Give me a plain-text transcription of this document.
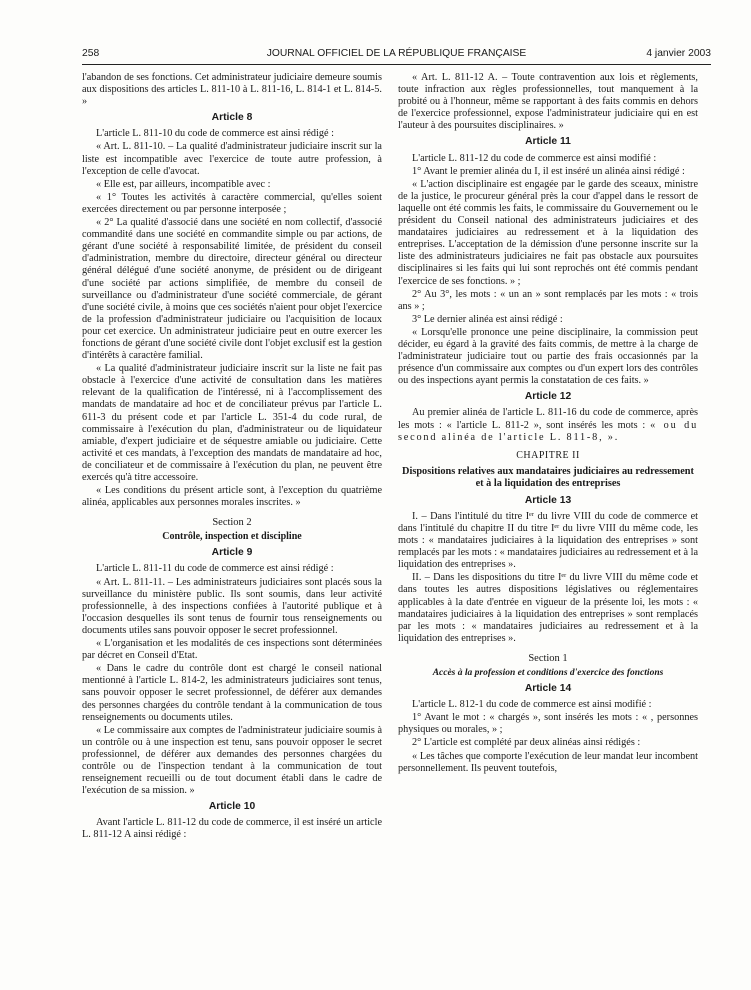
258	JOURNAL OFFICIEL DE LA RÉPUBLIQUE FRANÇAISE	4 janvier 2003

l'abandon de ses fonctions. Cet administrateur judiciaire demeure soumis aux dispositions des articles L. 811-10 à L. 811-16, L. 814-1 et L. 814-5. »

Article 8

L'article L. 811-10 du code de commerce est ainsi rédigé :

« Art. L. 811-10. – La qualité d'administrateur judiciaire inscrit sur la liste est incompatible avec l'exercice de toute autre profession, à l'exception de celle d'avocat.

« Elle est, par ailleurs, incompatible avec :

« 1° Toutes les activités à caractère commercial, qu'elles soient exercées directement ou par personne interposée ;

« 2° La qualité d'associé dans une société en nom collectif, d'associé commandité dans une société en commandite simple ou par actions, de gérant d'une société à responsabilité limitée, de président du conseil d'administration, membre du directoire, directeur général ou directeur général délégué d'une société anonyme, de président ou de dirigeant d'une société par actions simplifiée, de membre du conseil de surveillance ou d'administrateur d'une société commerciale, de gérant d'une société civile, à moins que ces sociétés n'aient pour objet l'exercice de la profession d'administrateur judiciaire ou l'acquisition de locaux pour cet exercice. Un administrateur judiciaire peut en outre exercer les fonctions de gérant d'une société civile dont l'objet exclusif est la gestion d'intérêts à caractère familial.

« La qualité d'administrateur judiciaire inscrit sur la liste ne fait pas obstacle à l'exercice d'une activité de consultation dans les matières relevant de la qualification de l'intéressé, ni à l'accomplissement des mandats de mandataire ad hoc et de conciliateur prévus par l'article L. 611-3 du présent code et par l'article L. 351-4 du code rural, de commissaire à l'exécution du plan, d'administrateur ou de liquidateur amiable, d'expert judiciaire et de séquestre amiable ou judiciaire. Cette activité et ces mandats, à l'exception des mandats de mandataire ad hoc, de conciliateur et de commissaire à l'exécution du plan, ne peuvent être exercés qu'à titre accessoire.

« Les conditions du présent article sont, à l'exception du quatrième alinéa, applicables aux personnes morales inscrites. »

Section 2
Contrôle, inspection et discipline
Article 9

L'article L. 811-11 du code de commerce est ainsi rédigé :

« Art. L. 811-11. – Les administrateurs judiciaires sont placés sous la surveillance du ministère public. Ils sont soumis, dans leur activité professionnelle, à des inspections confiées à l'autorité publique et à l'occasion desquelles ils sont tenus de fournir tous renseignements ou documents utiles sans pouvoir opposer le secret professionnel.

« L'organisation et les modalités de ces inspections sont déterminées par décret en Conseil d'Etat.

« Dans le cadre du contrôle dont est chargé le conseil national mentionné à l'article L. 814-2, les administrateurs judiciaires sont tenus, sans pouvoir opposer le secret professionnel, de déférer aux demandes des personnes chargées du contrôle tendant à la communication de tous renseignements ou documents utiles.

« Le commissaire aux comptes de l'administrateur judiciaire soumis à un contrôle ou à une inspection est tenu, sans pouvoir opposer le secret professionnel, de déférer aux demandes des personnes chargées du contrôle ou de l'inspection tendant à la communication de tout renseignement recueilli ou de tout document établi dans le cadre de l'exécution de sa mission. »

Article 10

Avant l'article L. 811-12 du code de commerce, il est inséré un article L. 811-12 A ainsi rédigé :

« Art. L. 811-12 A. – Toute contravention aux lois et règlements, toute infraction aux règles professionnelles, tout manquement à la probité ou à l'honneur, même se rapportant à des faits commis en dehors de l'exercice professionnel, expose l'administrateur judiciaire qui en est l'auteur à des poursuites disciplinaires. »

Article 11

L'article L. 811-12 du code de commerce est ainsi modifié :

1° Avant le premier alinéa du I, il est inséré un alinéa ainsi rédigé :

« L'action disciplinaire est engagée par le garde des sceaux, ministre de la justice, le procureur général près la cour d'appel dans le ressort de laquelle ont été commis les faits, le commissaire du Gouvernement ou le président du Conseil national des administrateurs judiciaires et des mandataires judiciaires au redressement et à la liquidation des entreprises. L'acceptation de la démission d'une personne inscrite sur la liste des administrateurs judiciaires ne fait pas obstacle aux poursuites disciplinaires si les faits qui lui sont reprochés ont été commis pendant l'exercice de ses fonctions. » ;

2° Au 3°, les mots : « un an » sont remplacés par les mots : « trois ans » ;

3° Le dernier alinéa est ainsi rédigé :

« Lorsqu'elle prononce une peine disciplinaire, la commission peut décider, eu égard à la gravité des faits commis, de mettre à la charge de l'administrateur judiciaire tout ou partie des frais occasionnés par la présence d'un commissaire aux comptes ou d'un expert lors des contrôles ou des inspections ayant permis la constatation de ces faits. »

Article 12

Au premier alinéa de l'article L. 811-16 du code de commerce, après les mots : « l'article L. 811-2 », sont insérés les mots : « ou du second alinéa de l'article L. 811-8, ».

CHAPITRE II
Dispositions relatives aux mandataires judiciaires au redressement et à la liquidation des entreprises
Article 13

I. – Dans l'intitulé du titre Iᵉʳ du livre VIII du code de commerce et dans l'intitulé du chapitre II du titre Iᵉʳ du livre VIII du même code, les mots : « mandataires judiciaires à la liquidation des entreprises » sont remplacés par les mots : « mandataires judiciaires au redressement et à la liquidation des entreprises ».

II. – Dans les dispositions du titre Iᵉʳ du livre VIII du même code et dans toutes les autres dispositions législatives ou réglementaires applicables à la date d'entrée en vigueur de la présente loi, les mots : « mandataires judiciaires à la liquidation des entreprises » sont remplacés par les mots : « mandataires judiciaires au redressement et à la liquidation des entreprises ».

Section 1
Accès à la profession et conditions d'exercice des fonctions
Article 14

L'article L. 812-1 du code de commerce est ainsi modifié :

1° Avant le mot : « chargés », sont insérés les mots : « , personnes physiques ou morales, » ;

2° L'article est complété par deux alinéas ainsi rédigés :

« Les tâches que comporte l'exécution de leur mandat leur incombent personnellement. Ils peuvent toutefois,
